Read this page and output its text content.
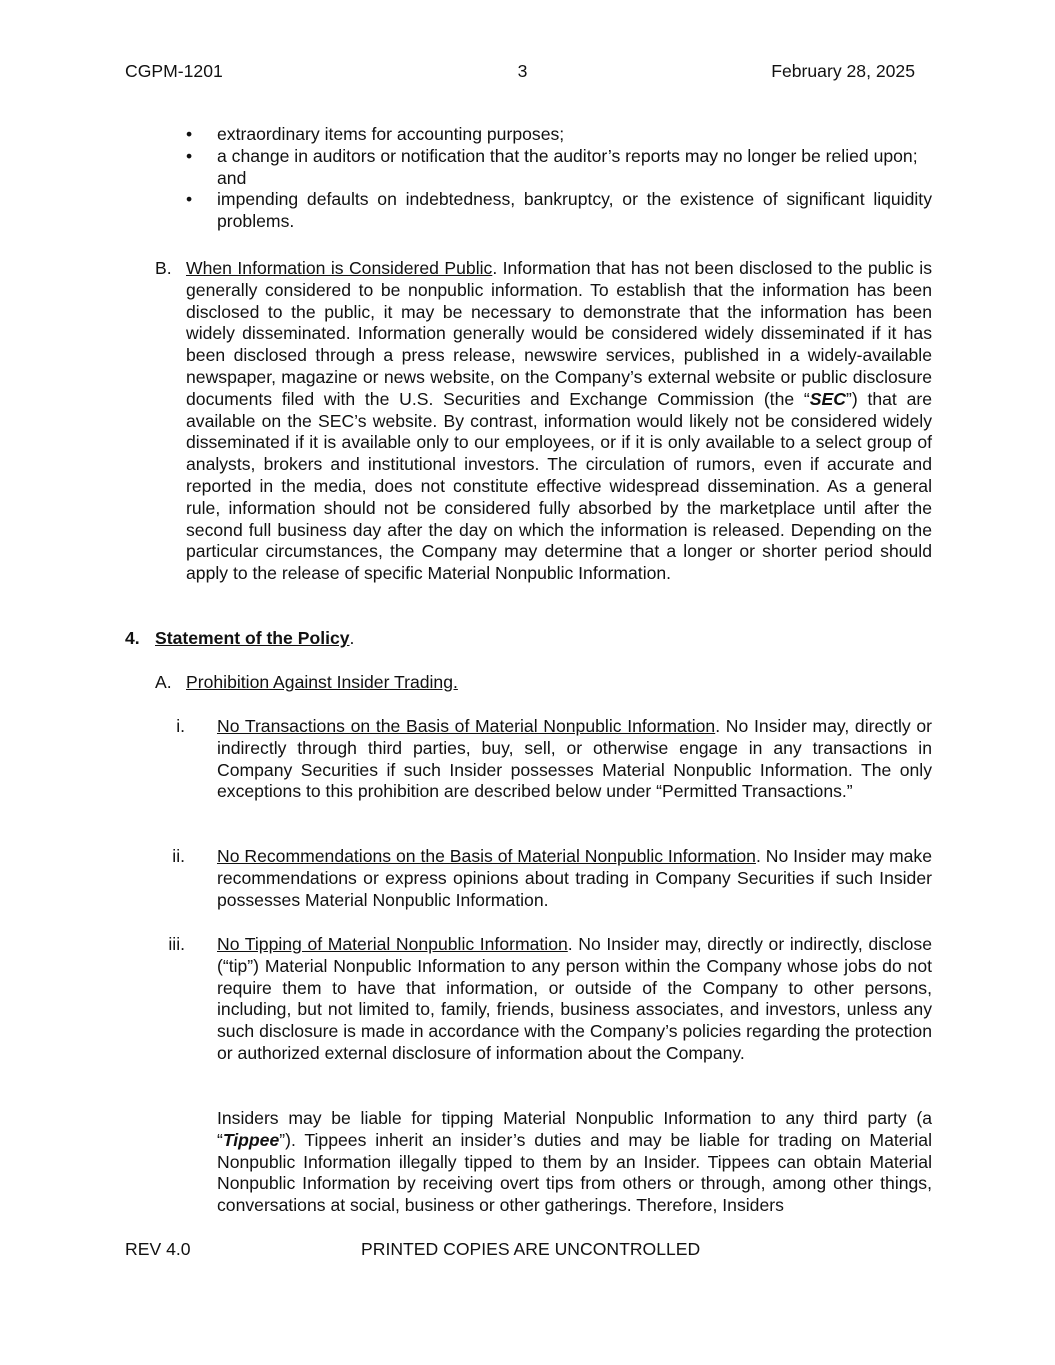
CGPM-1201	3	February 28, 2025
• extraordinary items for accounting purposes;
• a change in auditors or notification that the auditor’s reports may no longer be relied upon; and
• impending defaults on indebtedness, bankruptcy, or the existence of significant liquidity problems.
B. When Information is Considered Public. Information that has not been disclosed to the public is generally considered to be nonpublic information. To establish that the information has been disclosed to the public, it may be necessary to demonstrate that the information has been widely disseminated. Information generally would be considered widely disseminated if it has been disclosed through a press release, newswire services, published in a widely-available newspaper, magazine or news website, on the Company’s external website or public disclosure documents filed with the U.S. Securities and Exchange Commission (the “SEC”) that are available on the SEC’s website. By contrast, information would likely not be considered widely disseminated if it is available only to our employees, or if it is only available to a select group of analysts, brokers and institutional investors. The circulation of rumors, even if accurate and reported in the media, does not constitute effective widespread dissemination. As a general rule, information should not be considered fully absorbed by the marketplace until after the second full business day after the day on which the information is released. Depending on the particular circumstances, the Company may determine that a longer or shorter period should apply to the release of specific Material Nonpublic Information.
4. Statement of the Policy.
A. Prohibition Against Insider Trading.
i. No Transactions on the Basis of Material Nonpublic Information. No Insider may, directly or indirectly through third parties, buy, sell, or otherwise engage in any transactions in Company Securities if such Insider possesses Material Nonpublic Information. The only exceptions to this prohibition are described below under “Permitted Transactions.”
ii. No Recommendations on the Basis of Material Nonpublic Information. No Insider may make recommendations or express opinions about trading in Company Securities if such Insider possesses Material Nonpublic Information.
iii. No Tipping of Material Nonpublic Information. No Insider may, directly or indirectly, disclose (“tip”) Material Nonpublic Information to any person within the Company whose jobs do not require them to have that information, or outside of the Company to other persons, including, but not limited to, family, friends, business associates, and investors, unless any such disclosure is made in accordance with the Company’s policies regarding the protection or authorized external disclosure of information about the Company.
Insiders may be liable for tipping Material Nonpublic Information to any third party (a “Tippee”). Tippees inherit an insider’s duties and may be liable for trading on Material Nonpublic Information illegally tipped to them by an Insider. Tippees can obtain Material Nonpublic Information by receiving overt tips from others or through, among other things, conversations at social, business or other gatherings. Therefore, Insiders
REV 4.0	PRINTED COPIES ARE UNCONTROLLED
